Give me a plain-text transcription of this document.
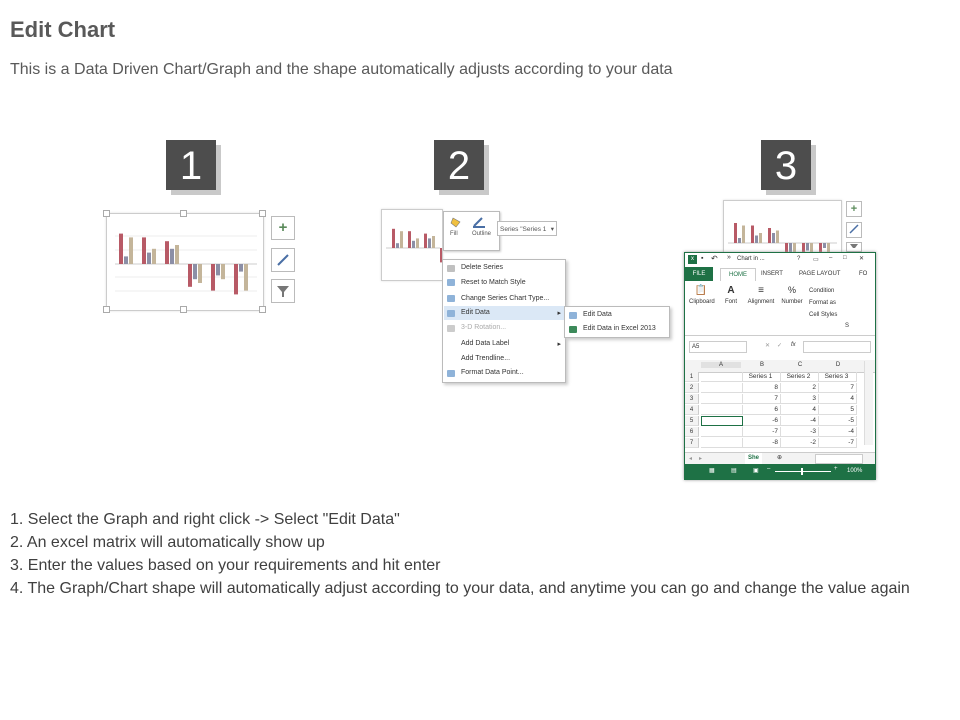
Edit Chart
This is a Data Driven Chart/Graph and the shape automatically adjusts according to your data
1	2	3
+	Fill	Outline
Series "Series 1 ▾
Delete Series
Reset to Match Style
Change Series Chart Type...
Edit Data	▸
3-D Rotation...
Add Data Label	▸
Add Trendline...
Format Data Point...
Edit Data
Edit Data in Excel 2013
+
x	▪ ↶ » Chart in ...	? ▭ – □ ✕
FILE	HOME	INSERT	PAGE LAYOUT	FO
📋
Clipboard
A
Font
≡
Alignment
%
Number
Condition
Format as
Cell Styles
S
A5	✕ ✓ fx
A	B	C	D
1	Series 1	Series 2	Series 3
2	8	2	7
3	7	3	4
4	6	4	5
5	-6	-4	-5
6	-7	-3	-4
7	-8	-2	-7
◂ ▸	She	⊕
▦	▤	▣ –	+ 100%
1. Select the Graph and right click -> Select "Edit Data"
2. An excel matrix will automatically show up
3. Enter the values based on your requirements and hit enter
4. The Graph/Chart shape will automatically adjust according to your data, and anytime you can go and change the value again
